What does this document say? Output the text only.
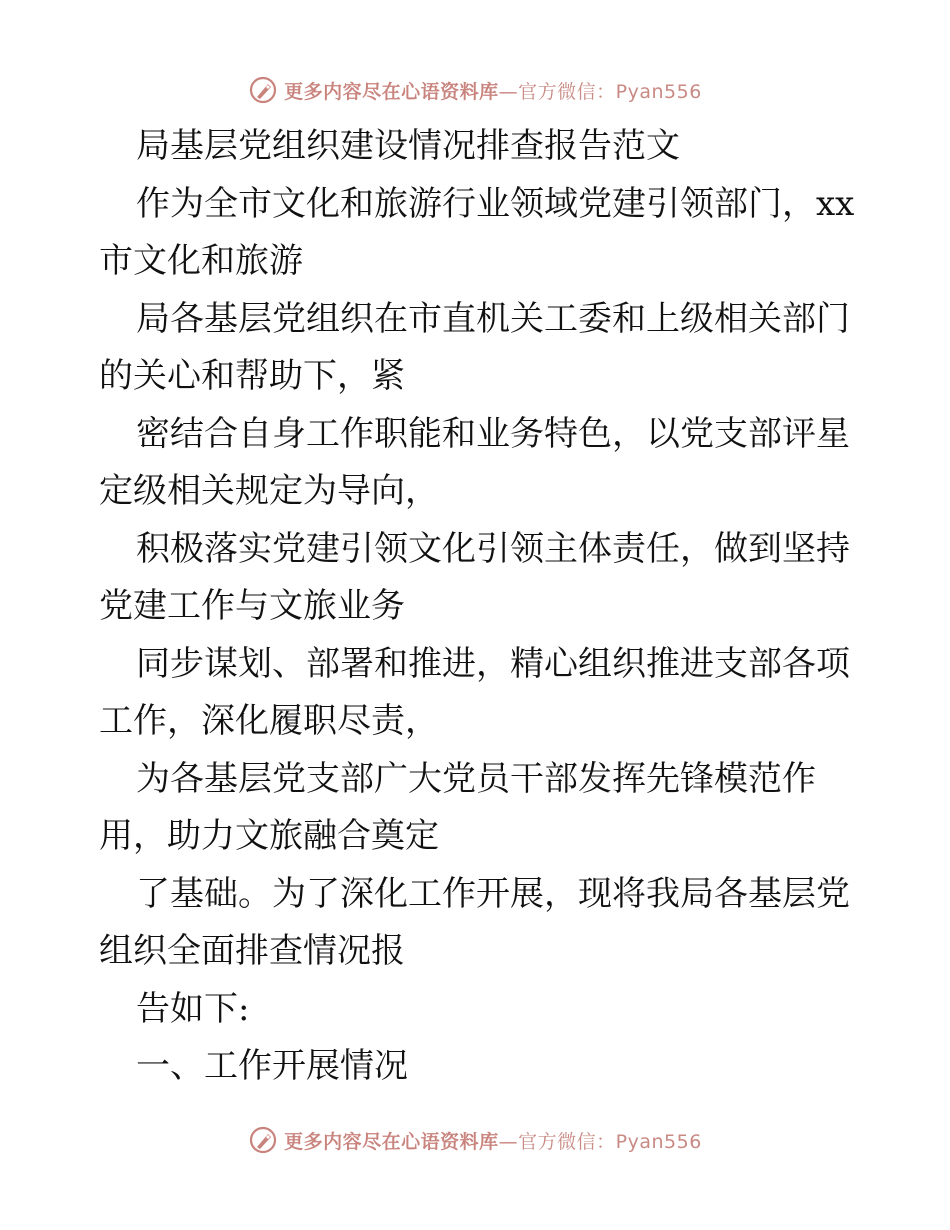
更多内容尽在心语资料库—官方微信：Pyan556
局基层党组织建设情况排查报告范文
作为全市文化和旅游行业领域党建引领部门，xx
市文化和旅游
局各基层党组织在市直机关工委和上级相关部门
的关心和帮助下，紧
密结合自身工作职能和业务特色，以党支部评星
定级相关规定为导向，
积极落实党建引领文化引领主体责任，做到坚持
党建工作与文旅业务
同步谋划、部署和推进，精心组织推进支部各项
工作，深化履职尽责，
为各基层党支部广大党员干部发挥先锋模范作
用，助力文旅融合奠定
了基础。为了深化工作开展，现将我局各基层党
组织全面排查情况报
告如下:
一、工作开展情况
更多内容尽在心语资料库—官方微信：Pyan556
